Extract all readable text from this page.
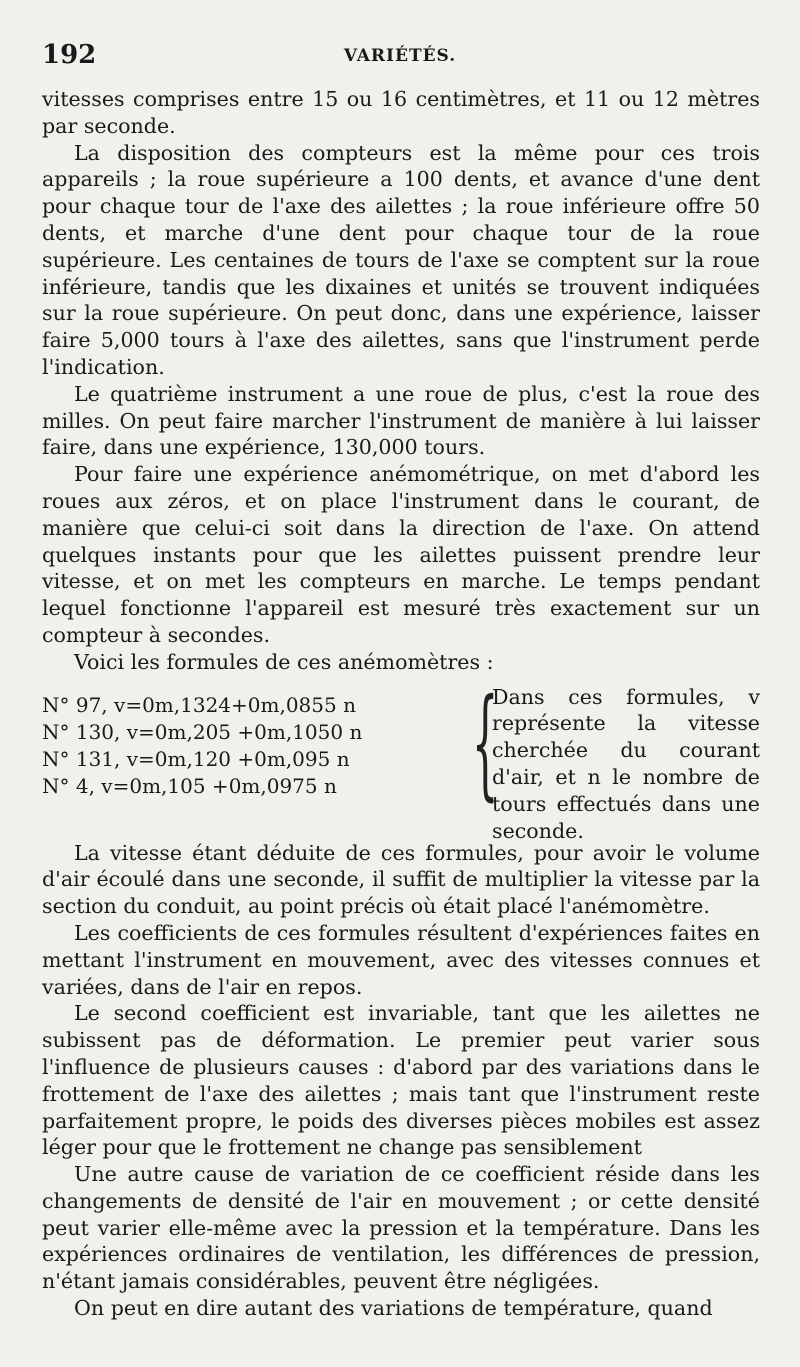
192	VARIÉTÉS.

vitesses comprises entre 15 ou 16 centimètres, et 11 ou 12 mètres par seconde.

La disposition des compteurs est la même pour ces trois appareils ; la roue supérieure a 100 dents, et avance d'une dent pour chaque tour de l'axe des ailettes ; la roue inférieure offre 50 dents, et marche d'une dent pour chaque tour de la roue supérieure. Les centaines de tours de l'axe se comptent sur la roue inférieure, tandis que les dixaines et unités se trouvent indiquées sur la roue supérieure. On peut donc, dans une expérience, laisser faire 5,000 tours à l'axe des ailettes, sans que l'instrument perde l'indication.

Le quatrième instrument a une roue de plus, c'est la roue des milles. On peut faire marcher l'instrument de manière à lui laisser faire, dans une expérience, 130,000 tours.

Pour faire une expérience anémométrique, on met d'abord les roues aux zéros, et on place l'instrument dans le courant, de manière que celui-ci soit dans la direction de l'axe. On attend quelques instants pour que les ailettes puissent prendre leur vitesse, et on met les compteurs en marche. Le temps pendant lequel fonctionne l'appareil est mesuré très exactement sur un compteur à secondes.

Voici les formules de ces anémomètres :

N° 97, v=0m,1324+0m,0855 n
N° 130, v=0m,205 +0m,1050 n
N° 131, v=0m,120 +0m,095 n
N° 4, v=0m,105 +0m,0975 n	{
Dans ces formules, v représente la vitesse cherchée du courant d'air, et n le nombre de tours effectués dans une seconde.

La vitesse étant déduite de ces formules, pour avoir le volume d'air écoulé dans une seconde, il suffit de multiplier la vitesse par la section du conduit, au point précis où était placé l'anémomètre.

Les coefficients de ces formules résultent d'expériences faites en mettant l'instrument en mouvement, avec des vitesses connues et variées, dans de l'air en repos.

Le second coefficient est invariable, tant que les ailettes ne subissent pas de déformation. Le premier peut varier sous l'influence de plusieurs causes : d'abord par des variations dans le frottement de l'axe des ailettes ; mais tant que l'instrument reste parfaitement propre, le poids des diverses pièces mobiles est assez léger pour que le frottement ne change pas sensiblement

Une autre cause de variation de ce coefficient réside dans les changements de densité de l'air en mouvement ; or cette densité peut varier elle-même avec la pression et la température. Dans les expériences ordinaires de ventilation, les différences de pression, n'étant jamais considérables, peuvent être négligées.

On peut en dire autant des variations de température, quand
